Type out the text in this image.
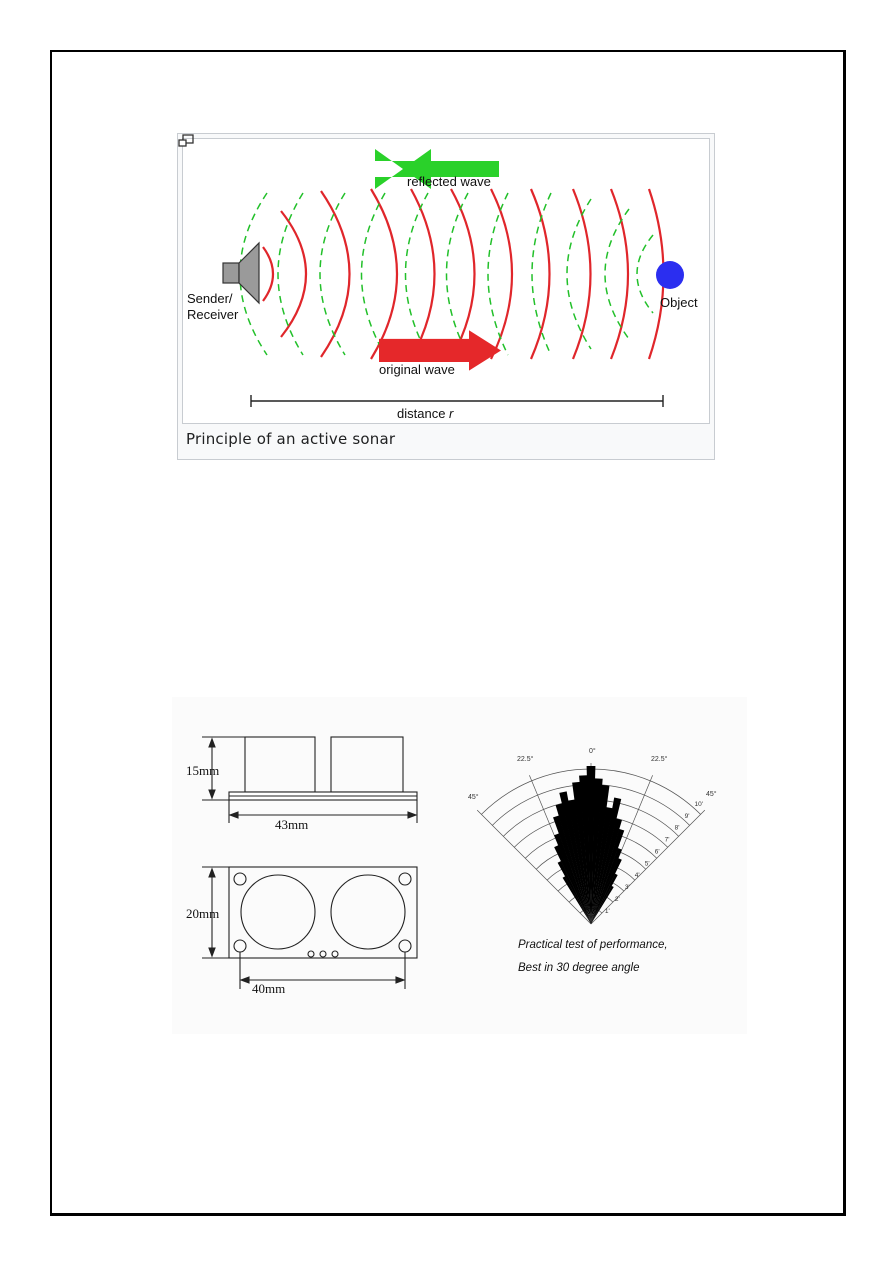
reflected wave
Sender/
Receiver
Object
original wave
distance r
Principle of an active sonar
15mm
43mm
20mm
40mm
0°
22.5°	22.5°
45°	45°
1'
2'
3'
4'
5'
6'
7'
8'
9'
10'
Practical test of performance,
Best in 30 degree angle
